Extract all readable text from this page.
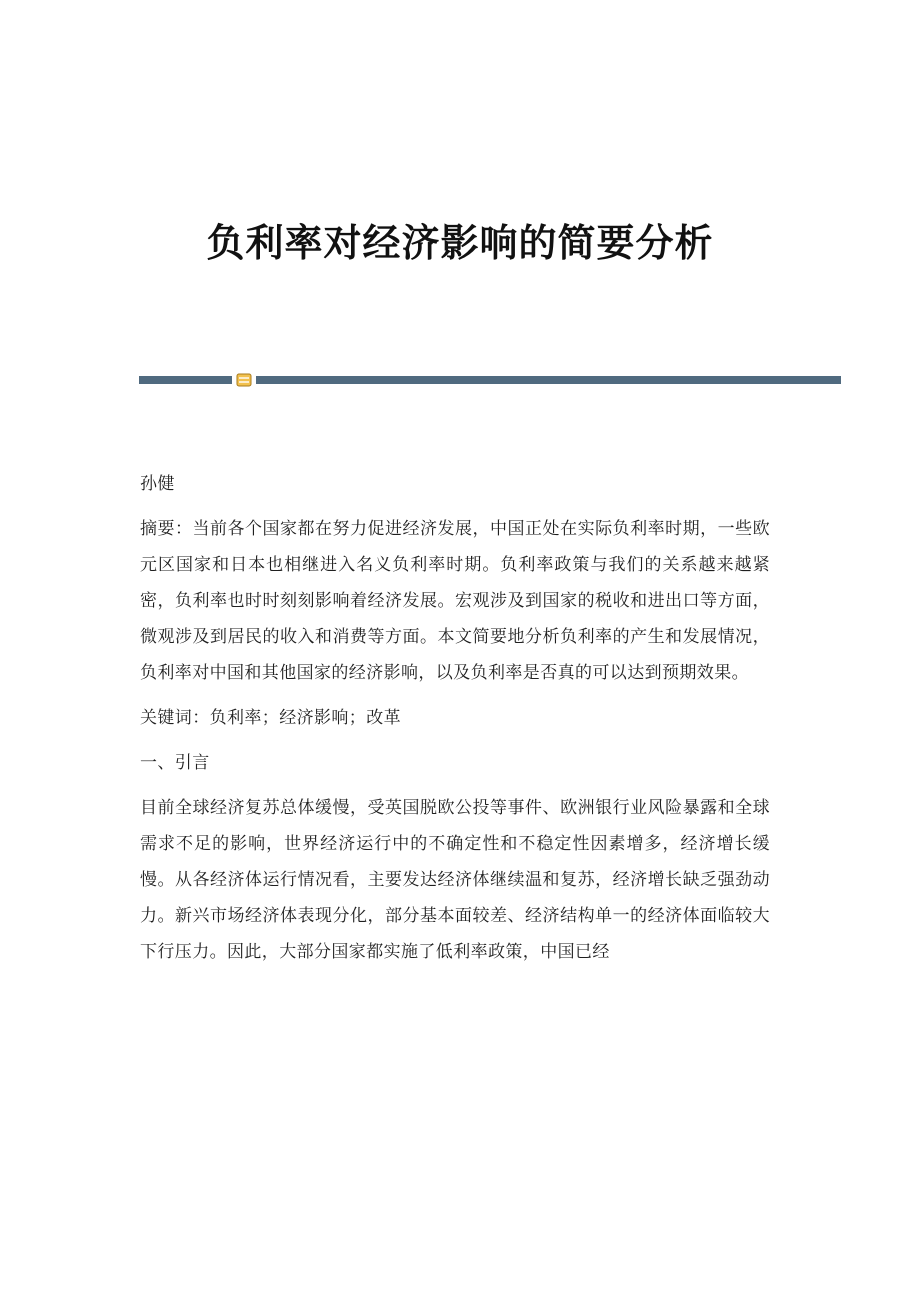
负利率对经济影响的简要分析

孙健

摘要：当前各个国家都在努力促进经济发展，中国正处在实际负利率时期，一些欧元区国家和日本也相继进入名义负利率时期。负利率政策与我们的关系越来越紧密，负利率也时时刻刻影响着经济发展。宏观涉及到国家的税收和进出口等方面，微观涉及到居民的收入和消费等方面。本文简要地分析负利率的产生和发展情况，负利率对中国和其他国家的经济影响，以及负利率是否真的可以达到预期效果。

关键词：负利率；经济影响；改革

一、引言

目前全球经济复苏总体缓慢，受英国脱欧公投等事件、欧洲银行业风险暴露和全球需求不足的影响，世界经济运行中的不确定性和不稳定性因素增多，经济增长缓慢。从各经济体运行情况看，主要发达经济体继续温和复苏，经济增长缺乏强劲动力。新兴市场经济体表现分化，部分基本面较差、经济结构单一的经济体面临较大下行压力。因此，大部分国家都实施了低利率政策，中国已经
